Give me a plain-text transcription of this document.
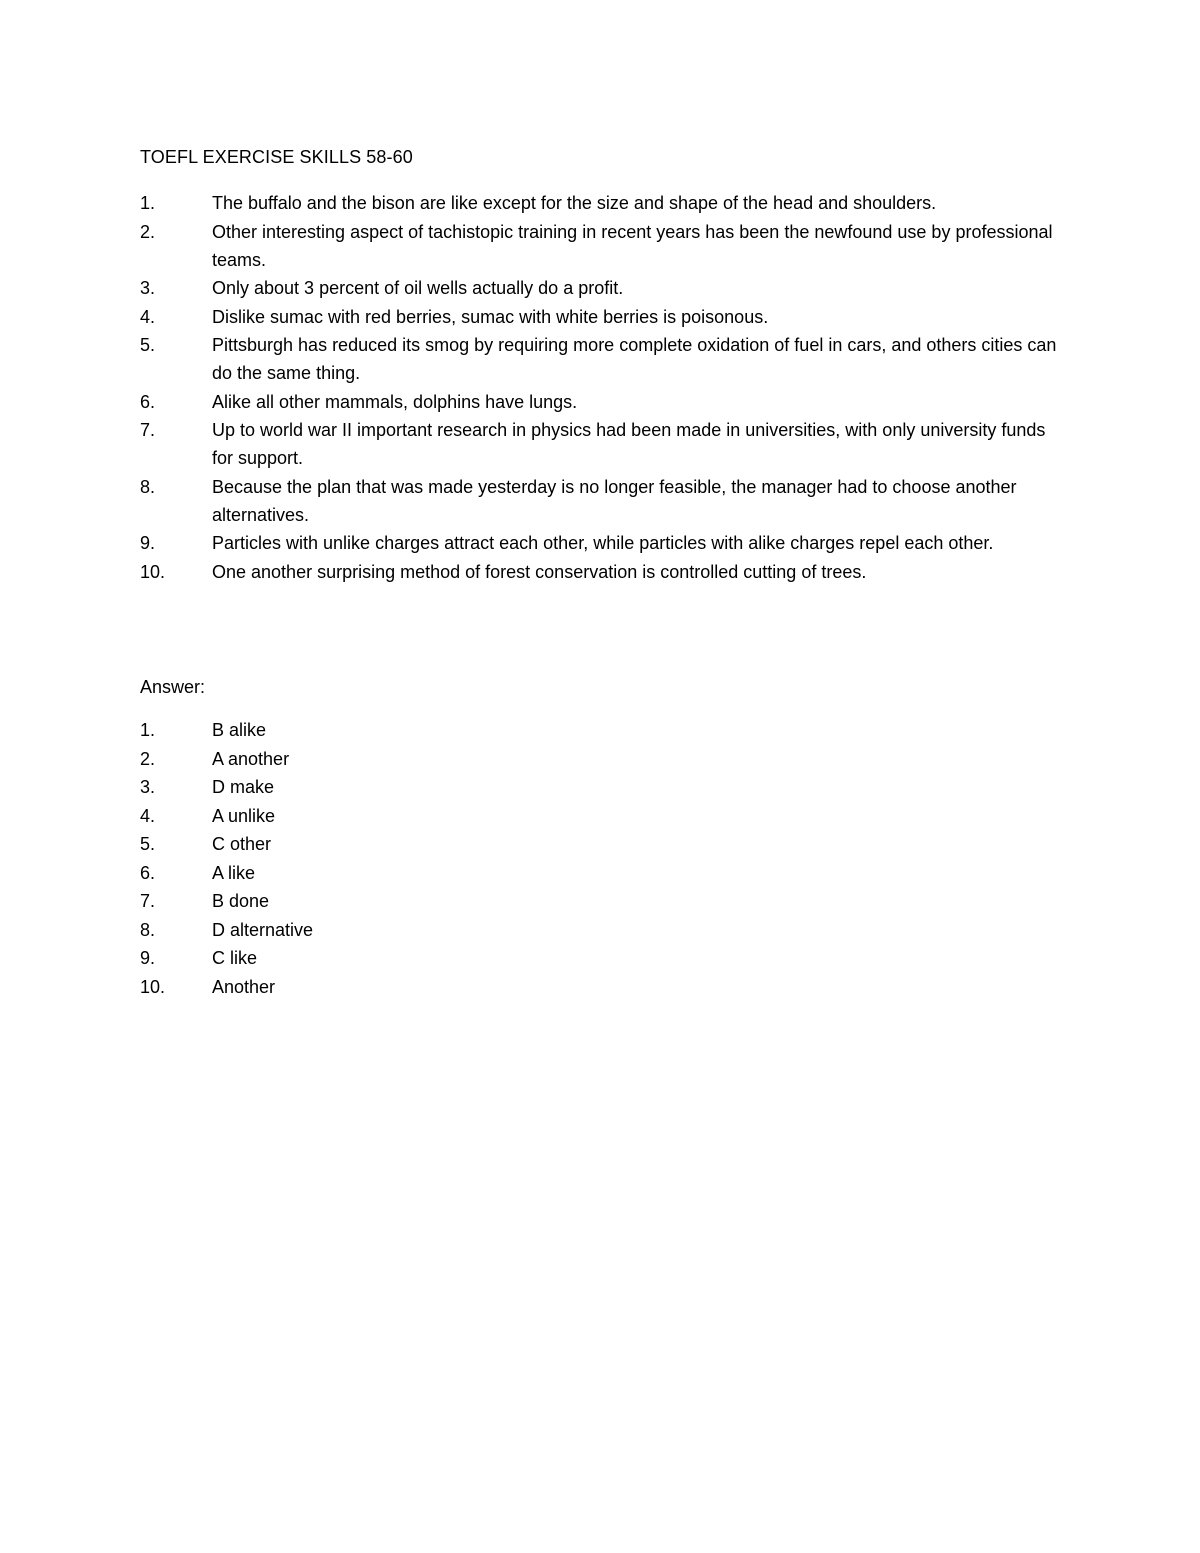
TOEFL EXERCISE SKILLS 58-60
1.	The buffalo and the bison are like except for the size and shape of the head and shoulders.
2.	Other interesting aspect of tachistopic training in recent years has been the newfound use by professional teams.
3.	Only about 3 percent of oil wells actually do a profit.
4.	Dislike sumac with red berries, sumac with white berries is poisonous.
5.	Pittsburgh has reduced its smog by requiring more complete oxidation of fuel in cars, and others cities can do the same thing.
6.	Alike all other mammals, dolphins have lungs.
7.	Up to world war II important research in physics had been made in universities, with only university funds for support.
8.	Because the plan that was made yesterday is no longer feasible, the manager had to choose another alternatives.
9.	Particles with unlike charges attract each other, while particles with alike charges repel each other.
10.	One another surprising method of forest conservation is controlled cutting of trees.
Answer:
1.	B alike
2.	A another
3.	D make
4.	A unlike
5.	C other
6.	A like
7.	B done
8.	D alternative
9.	C like
10.	Another
